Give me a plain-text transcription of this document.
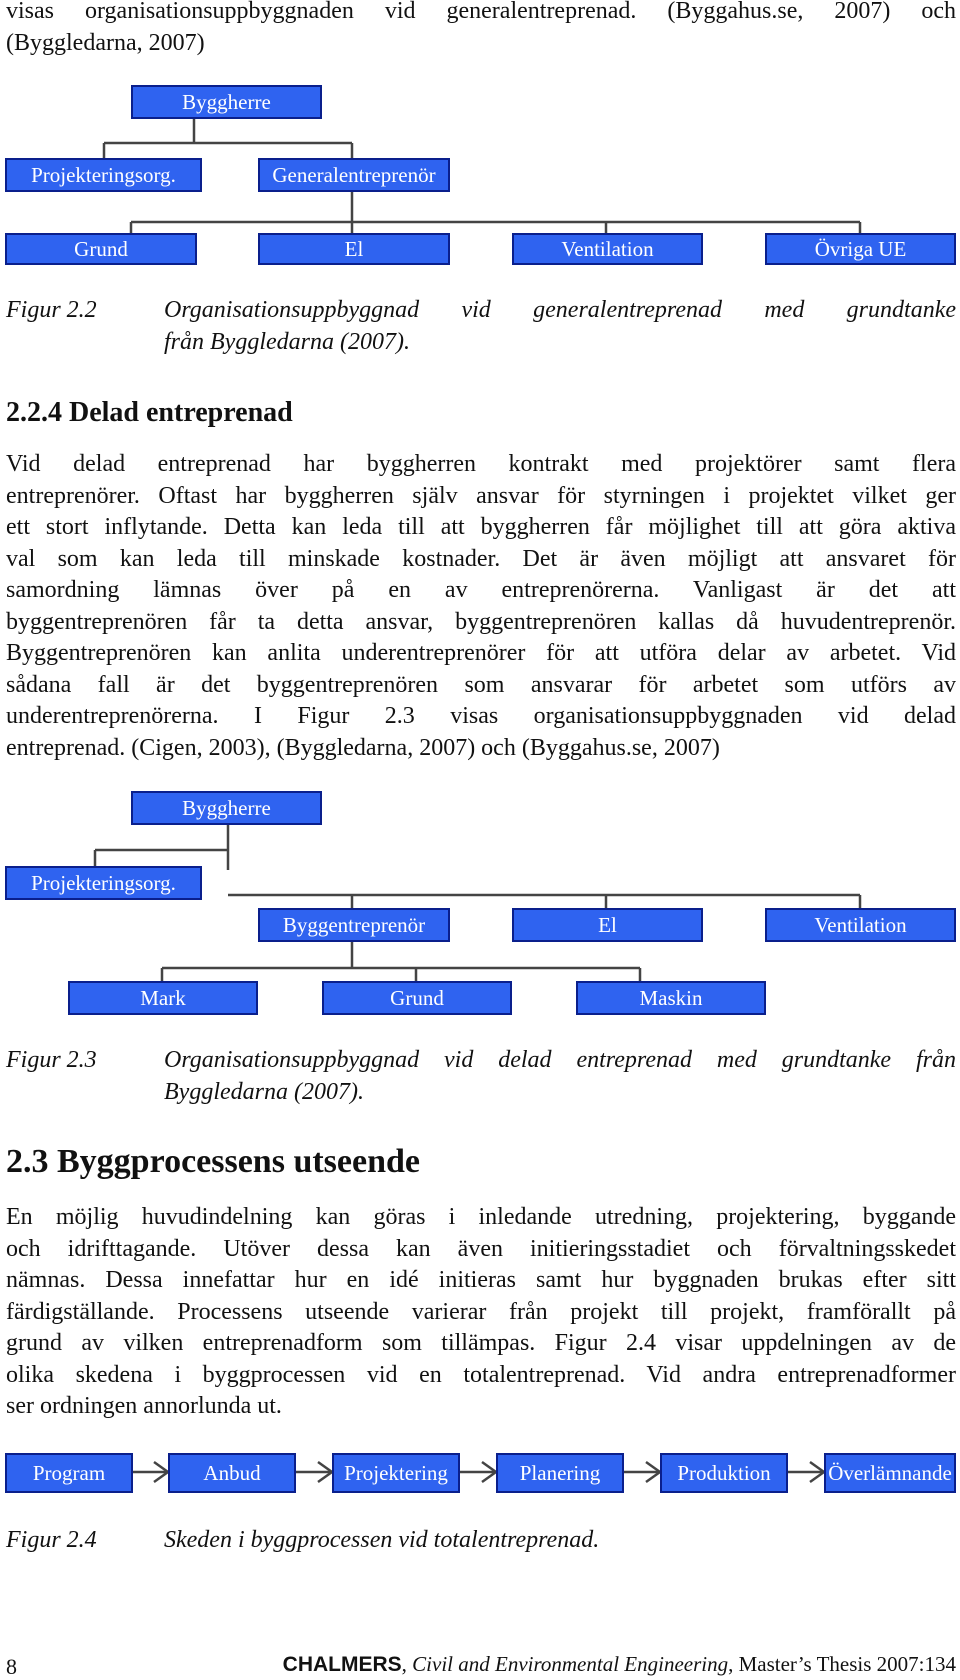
visas organisationsuppbyggnaden vid generalentreprenad. (Byggahus.se, 2007) och
(Byggledarna, 2007)
Byggherre
Projekteringsorg.	Generalentreprenör
Grund	El	Ventilation	Övriga UE
Figur 2.2	Organisationsuppbyggnad vid generalentreprenad med grundtanke
från Byggledarna (2007).
2.2.4 Delad entreprenad
Vid delad entreprenad har byggherren kontrakt med projektörer samt flera
entreprenörer. Oftast har byggherren själv ansvar för styrningen i projektet vilket ger
ett stort inflytande. Detta kan leda till att byggherren får möjlighet till att göra aktiva
val som kan leda till minskade kostnader. Det är även möjligt att ansvaret för
samordning lämnas över på en av entreprenörerna. Vanligast är det att
byggentreprenören får ta detta ansvar, byggentreprenören kallas då huvudentreprenör.
Byggentreprenören kan anlita underentreprenörer för att utföra delar av arbetet. Vid
sådana fall är det byggentreprenören som ansvarar för arbetet som utförs av
underentreprenörerna. I Figur 2.3 visas organisationsuppbyggnaden vid delad
entreprenad. (Cigen, 2003), (Byggledarna, 2007) och (Byggahus.se, 2007)
Byggherre
Projekteringsorg.
Byggentreprenör	El	Ventilation
Mark	Grund	Maskin
Figur 2.3	Organisationsuppbyggnad vid delad entreprenad med grundtanke från
Byggledarna (2007).
2.3 Byggprocessens utseende
En möjlig huvudindelning kan göras i inledande utredning, projektering, byggande
och idrifttagande. Utöver dessa kan även initieringsstadiet och förvaltningsskedet
nämnas. Dessa innefattar hur en idé initieras samt hur byggnaden brukas efter sitt
färdigställande. Processens utseende varierar från projekt till projekt, framförallt på
grund av vilken entreprenadform som tillämpas. Figur 2.4 visar uppdelningen av de
olika skedena i byggprocessen vid en totalentreprenad. Vid andra entreprenadformer
ser ordningen annorlunda ut.
Program	Anbud	Projektering	Planering	Produktion	Överlämnande
Figur 2.4	Skeden i byggprocessen vid totalentreprenad.
8	CHALMERS, Civil and Environmental Engineering, Master’s Thesis 2007:134
